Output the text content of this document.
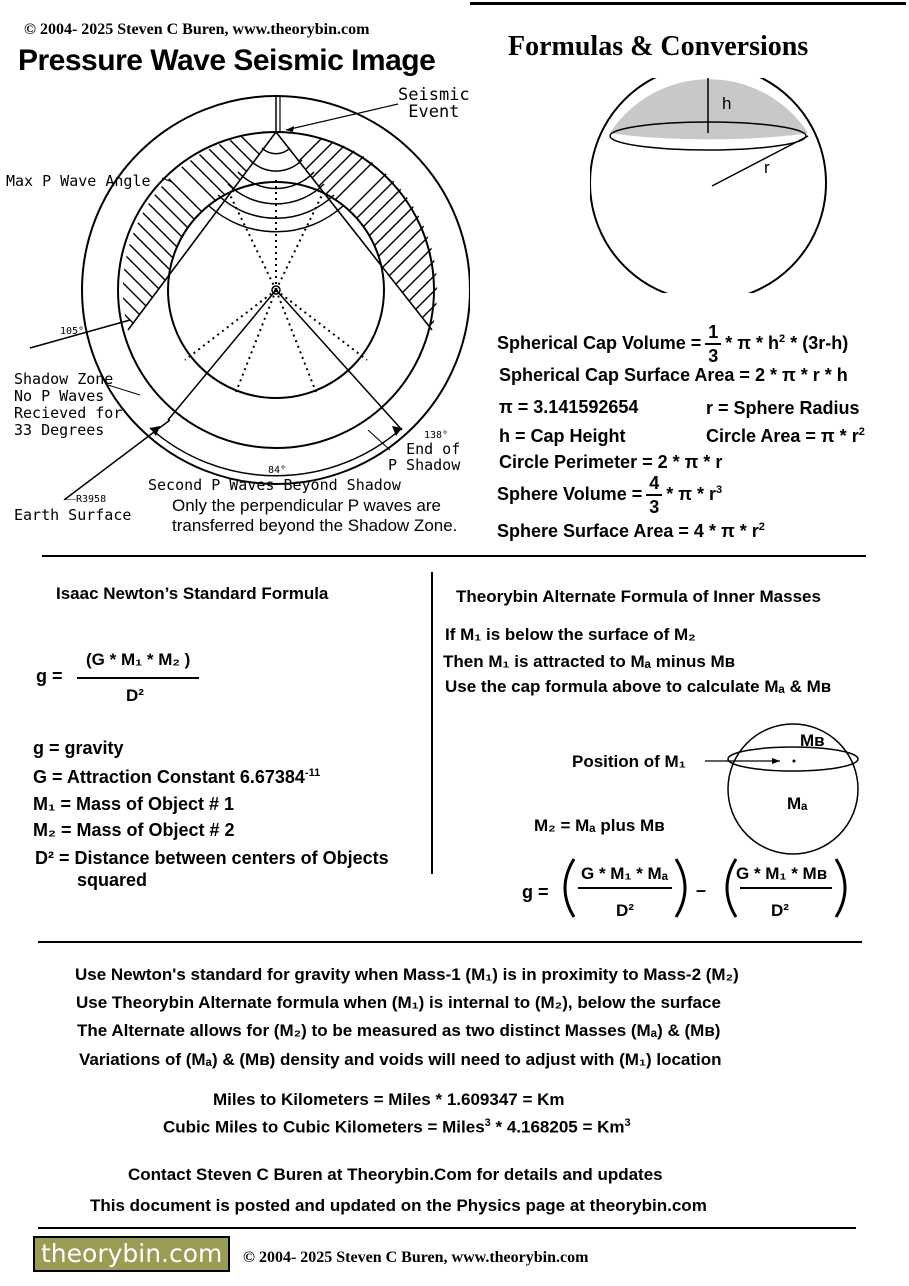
© 2004- 2025 Steven C Buren, www.theorybin.com
Pressure Wave Seismic Image	Formulas & Conversions
Seismic
Event
Max P Wave Angle
105°
138°
84°
Shadow Zone
No P Waves
Recieved for
33 Degrees
End of
P Shadow
Second P Waves Beyond Shadow
R3958
Earth Surface Only the perpendicular P waves are
transferred beyond the Shadow Zone.
h
r
Spherical Cap Volume = $\frac{1}{3}$ * π * $h^2 * (3r-h)$
Spherical Cap Surface Area = 2 * π * r * h
π = 3.141592654	r = Sphere Radius
h = Cap Height	Circle Area = π * $r^2$
Circle Perimeter = 2 * π * r
Sphere Volume = $\frac{4}{3}$ * π * $r^3$
Sphere Surface Area = 4 * π * $r^2$
Isaac Newton’s Standard Formula
g =
(G * M₁ * M₂ )
D²
g = gravity
G = Attraction Constant $6.67384^{-11}$
M₁ = Mass of Object # 1
M₂ = Mass of Object # 2
D² = Distance between centers of Objects
squared
Theorybin Alternate Formula of Inner Masses
If M₁ is below the surface of M₂
Then M₁ is attracted to Mₐ minus Mʙ
Use the cap formula above to calculate Mₐ & Mʙ
Position of M₁
Mʙ
Mₐ
M₂ = Mₐ plus Mʙ
g =
G * M₁ * Mₐ
D²
–
G * M₁ * Mʙ
D²
Use Newton's standard for gravity when Mass-1 (M₁) is in proximity to Mass-2 (M₂)
Use Theorybin Alternate formula when (M₁) is internal to (M₂), below the surface
The Alternate allows for (M₂) to be measured as two distinct Masses (Mₐ) & (Mʙ)
Variations of (Mₐ) & (Mʙ) density and voids will need to adjust with (M₁) location
Miles to Kilometers = Miles * 1.609347 = Km
Cubic Miles to Cubic Kilometers = Miles$^3$ * $4.168205 = Km^3$
Contact Steven C Buren at Theorybin.Com for details and updates
This document is posted and updated on the Physics page at theorybin.com
theorybin.com	© 2004- 2025 Steven C Buren, www.theorybin.com
